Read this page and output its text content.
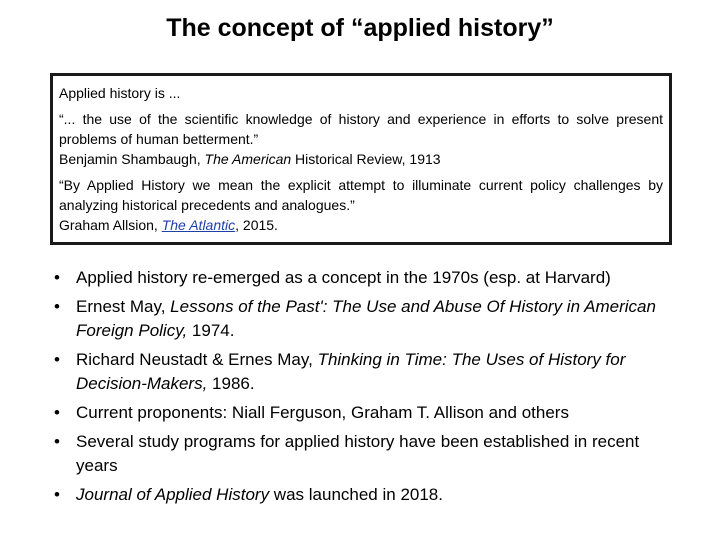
The concept of “applied history”
Applied history is ...

“... the use of the scientific knowledge of history and experience in efforts to solve present problems of human betterment.”

Benjamin Shambaugh, The American Historical Review, 1913

“By Applied History we mean the explicit attempt to illuminate current policy challenges by analyzing historical precedents and analogues.”

Graham Allsion, The Atlantic, 2015.

• Applied history re-emerged as a concept in the 1970s (esp. at Harvard)
• Ernest May, Lessons of the Past': The Use and Abuse Of History in American Foreign Policy, 1974.
• Richard Neustadt & Ernes May, Thinking in Time: The Uses of History for Decision-Makers, 1986.
• Current proponents: Niall Ferguson, Graham T. Allison and others
• Several study programs for applied history have been established in recent years
• Journal of Applied History was launched in 2018.
